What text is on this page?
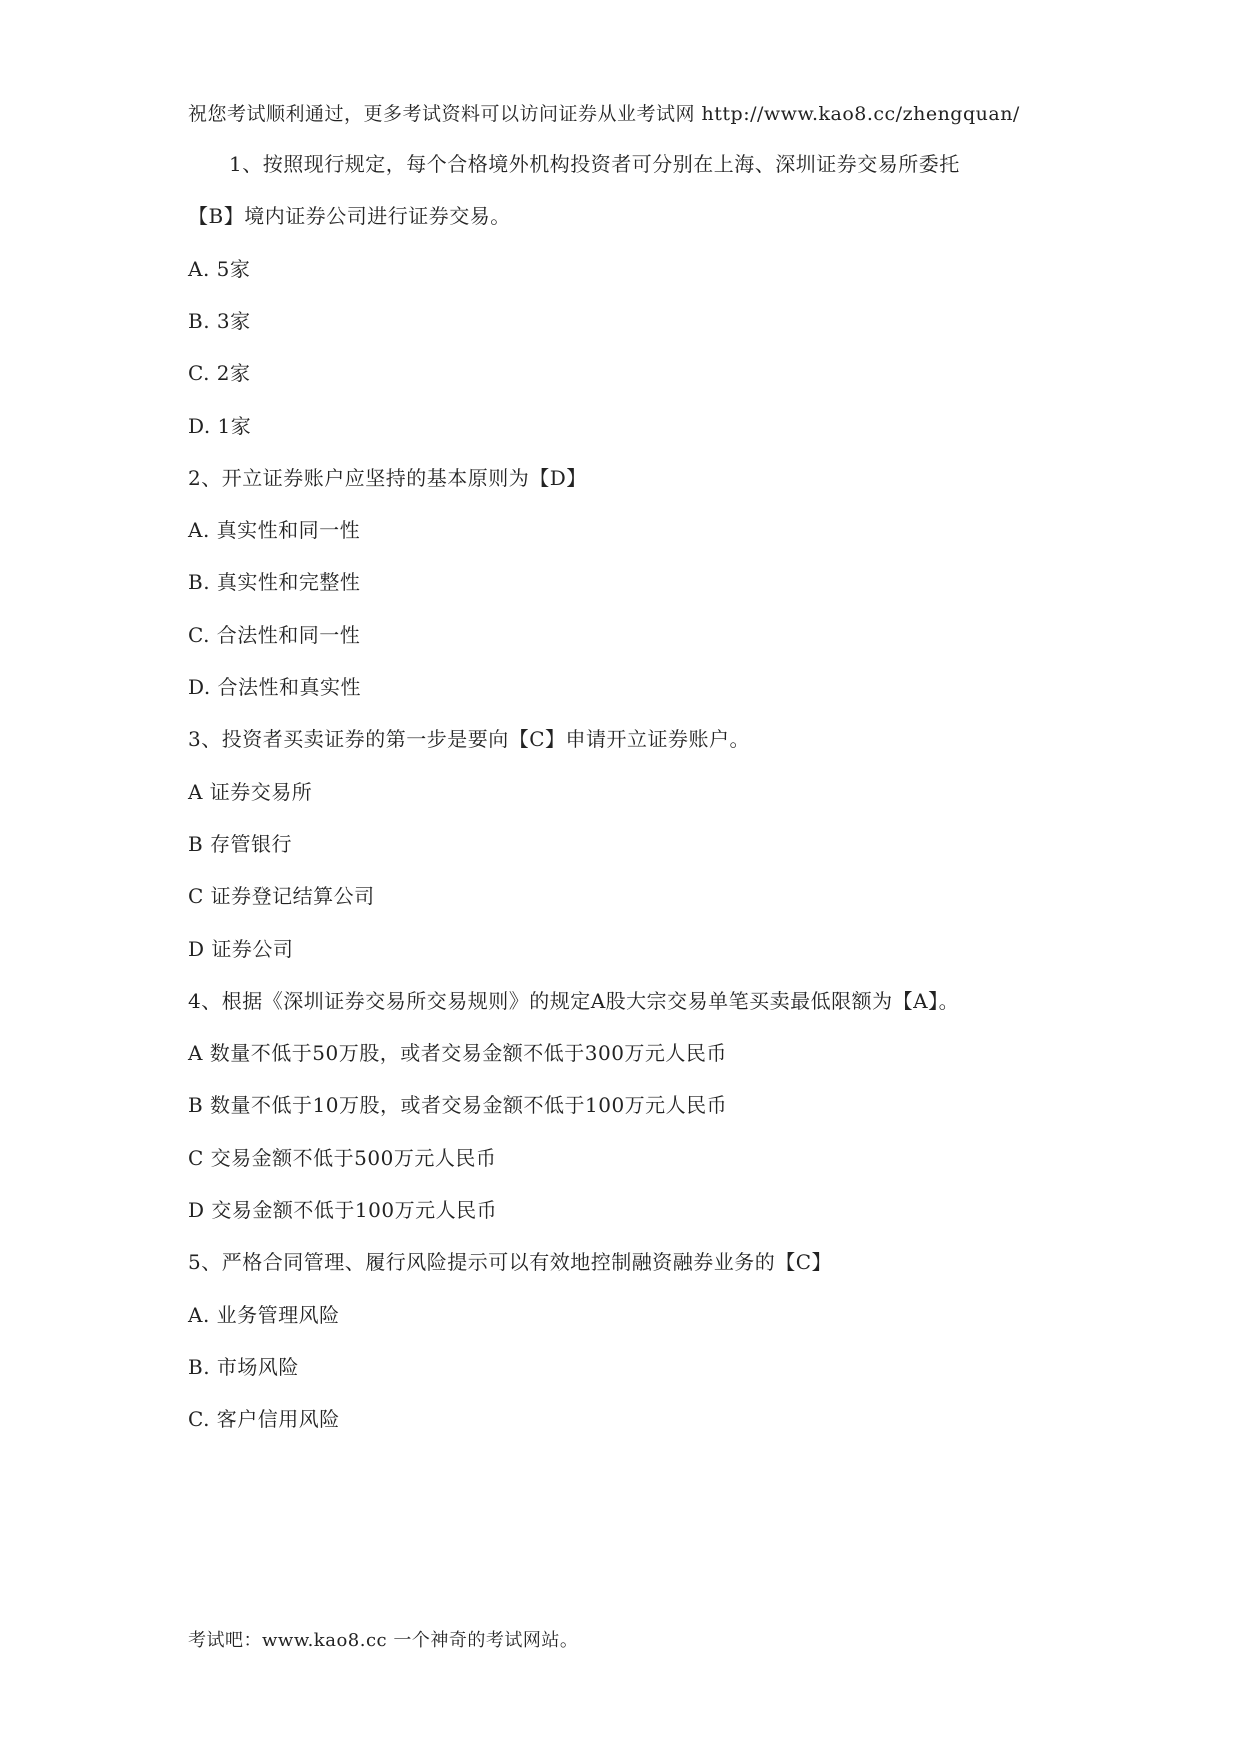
祝您考试顺利通过，更多考试资料可以访问证券从业考试网 http://www.kao8.cc/zhengquan/
　　1、按照现行规定，每个合格境外机构投资者可分别在上海、深圳证券交易所委托
【B】境内证券公司进行证券交易。
A. 5家
B. 3家
C. 2家
D. 1家
2、开立证券账户应坚持的基本原则为【D】
A. 真实性和同一性
B. 真实性和完整性
C. 合法性和同一性
D. 合法性和真实性
3、投资者买卖证券的第一步是要向【C】申请开立证券账户。
A 证券交易所
B 存管银行
C 证券登记结算公司
D 证券公司
4、根据《深圳证券交易所交易规则》的规定A股大宗交易单笔买卖最低限额为【A】。
A 数量不低于50万股，或者交易金额不低于300万元人民币
B 数量不低于10万股，或者交易金额不低于100万元人民币
C 交易金额不低于500万元人民币
D 交易金额不低于100万元人民币
5、严格合同管理、履行风险提示可以有效地控制融资融券业务的【C】
A. 业务管理风险
B. 市场风险
C. 客户信用风险
考试吧：www.kao8.cc 一个神奇的考试网站。
